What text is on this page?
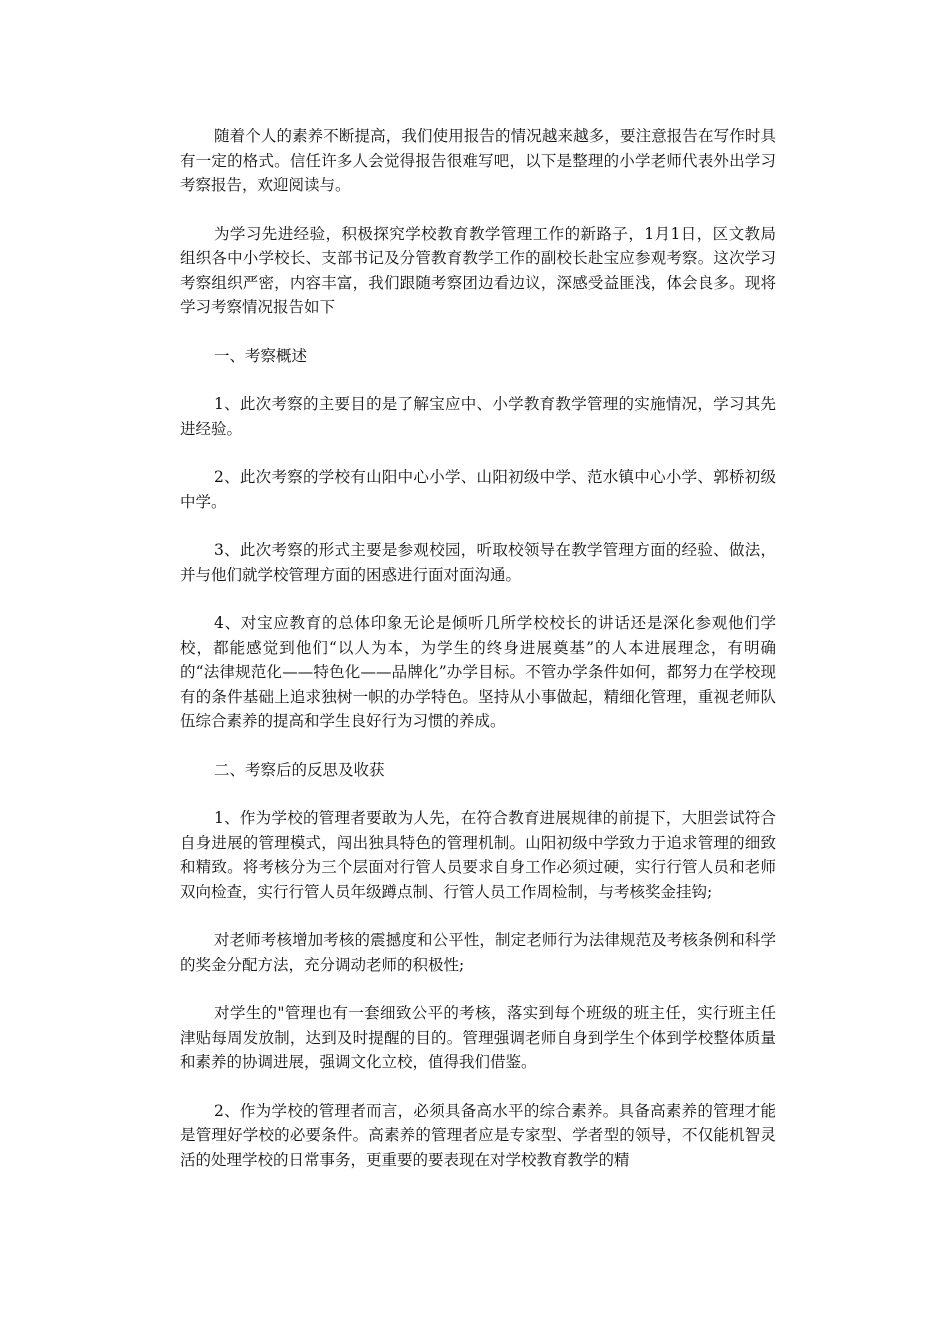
随着个人的素养不断提高，我们使用报告的情况越来越多，要注意报告在写作时具有一定的格式。信任许多人会觉得报告很难写吧，以下是整理的小学老师代表外出学习考察报告，欢迎阅读与。

为学习先进经验，积极探究学校教育教学管理工作的新路子，1月1日，区文教局组织各中小学校长、支部书记及分管教育教学工作的副校长赴宝应参观考察。这次学习考察组织严密，内容丰富，我们跟随考察团边看边议，深感受益匪浅，体会良多。现将学习考察情况报告如下

一、考察概述

1、此次考察的主要目的是了解宝应中、小学教育教学管理的实施情况，学习其先进经验。

2、此次考察的学校有山阳中心小学、山阳初级中学、范水镇中心小学、郭桥初级中学。

3、此次考察的形式主要是参观校园，听取校领导在教学管理方面的经验、做法，并与他们就学校管理方面的困惑进行面对面沟通。

4、对宝应教育的总体印象无论是倾听几所学校校长的讲话还是深化参观他们学校，都能感觉到他们“以人为本，为学生的终身进展奠基”的人本进展理念，有明确的“法律规范化——特色化——品牌化”办学目标。不管办学条件如何，都努力在学校现有的条件基础上追求独树一帜的办学特色。坚持从小事做起，精细化管理，重视老师队伍综合素养的提高和学生良好行为习惯的养成。

二、考察后的反思及收获

1、作为学校的管理者要敢为人先，在符合教育进展规律的前提下，大胆尝试符合自身进展的管理模式，闯出独具特色的管理机制。山阳初级中学致力于追求管理的细致和精致。将考核分为三个层面对行管人员要求自身工作必须过硬，实行行管人员和老师双向检查，实行行管人员年级蹲点制、行管人员工作周检制，与考核奖金挂钩;

对老师考核增加考核的震撼度和公平性，制定老师行为法律规范及考核条例和科学的奖金分配方法，充分调动老师的积极性;

对学生的"管理也有一套细致公平的考核，落实到每个班级的班主任，实行班主任津贴每周发放制，达到及时提醒的目的。管理强调老师自身到学生个体到学校整体质量和素养的协调进展，强调文化立校，值得我们借鉴。

2、作为学校的管理者而言，必须具备高水平的综合素养。具备高素养的管理才能是管理好学校的必要条件。高素养的管理者应是专家型、学者型的领导，不仅能机智灵活的处理学校的日常事务，更重要的要表现在对学校教育教学的精
